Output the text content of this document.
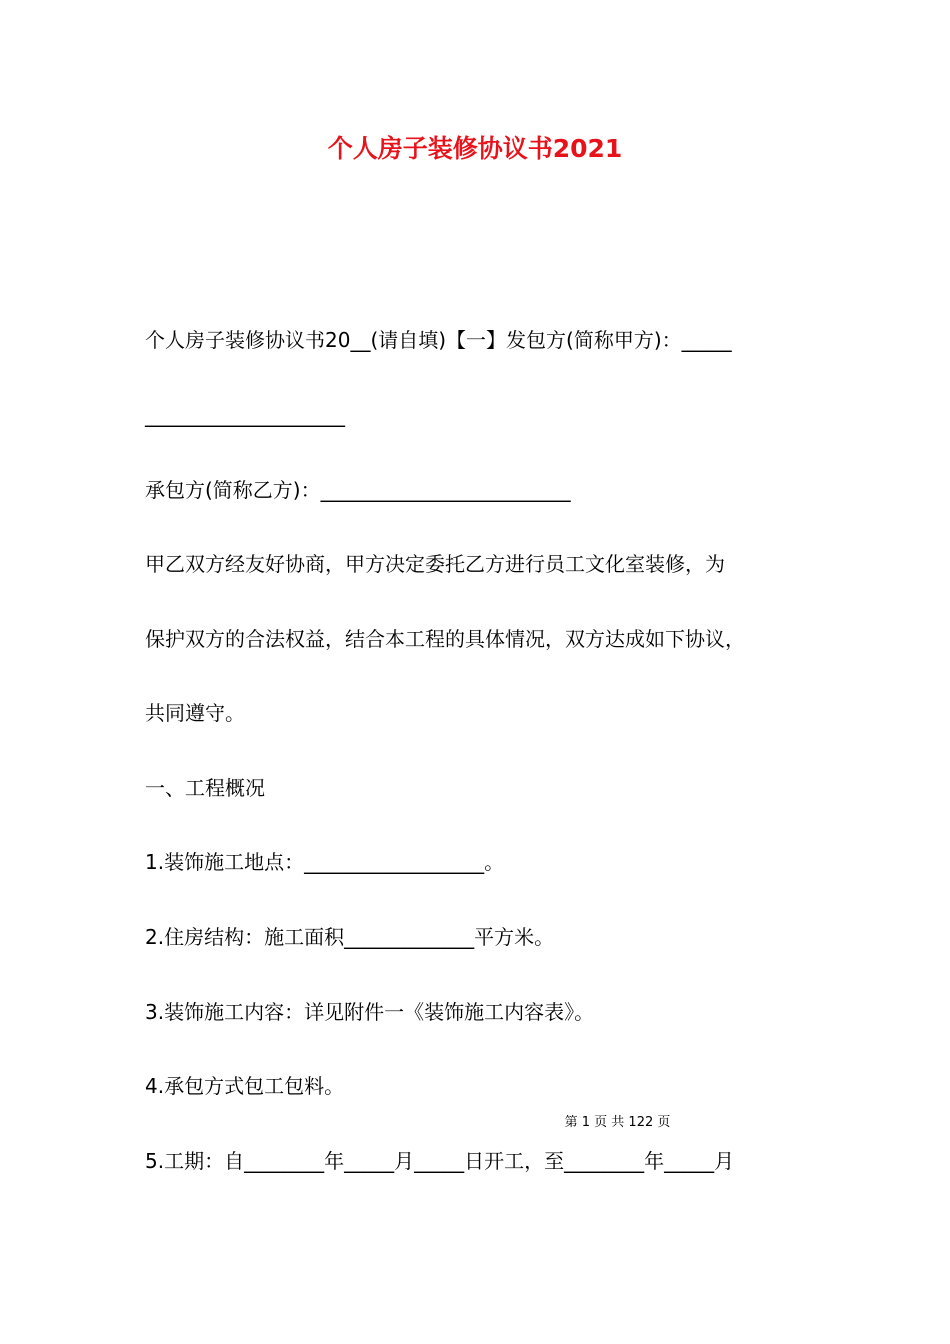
个人房子装修协议书2021
个人房子装修协议书20__(请自填)【一】发包方(简称甲方)：_____
____________________
承包方(简称乙方)：_________________________
甲乙双方经友好协商，甲方决定委托乙方进行员工文化室装修，为
保护双方的合法权益，结合本工程的具体情况，双方达成如下协议，
共同遵守。
一、工程概况
1.装饰施工地点：__________________。
2.住房结构：施工面积_____________平方米。
3.装饰施工内容：详见附件一《装饰施工内容表》。
4.承包方式包工包料。
第 1 页 共 122 页
5.工期：自________年_____月_____日开工，至________年_____月
